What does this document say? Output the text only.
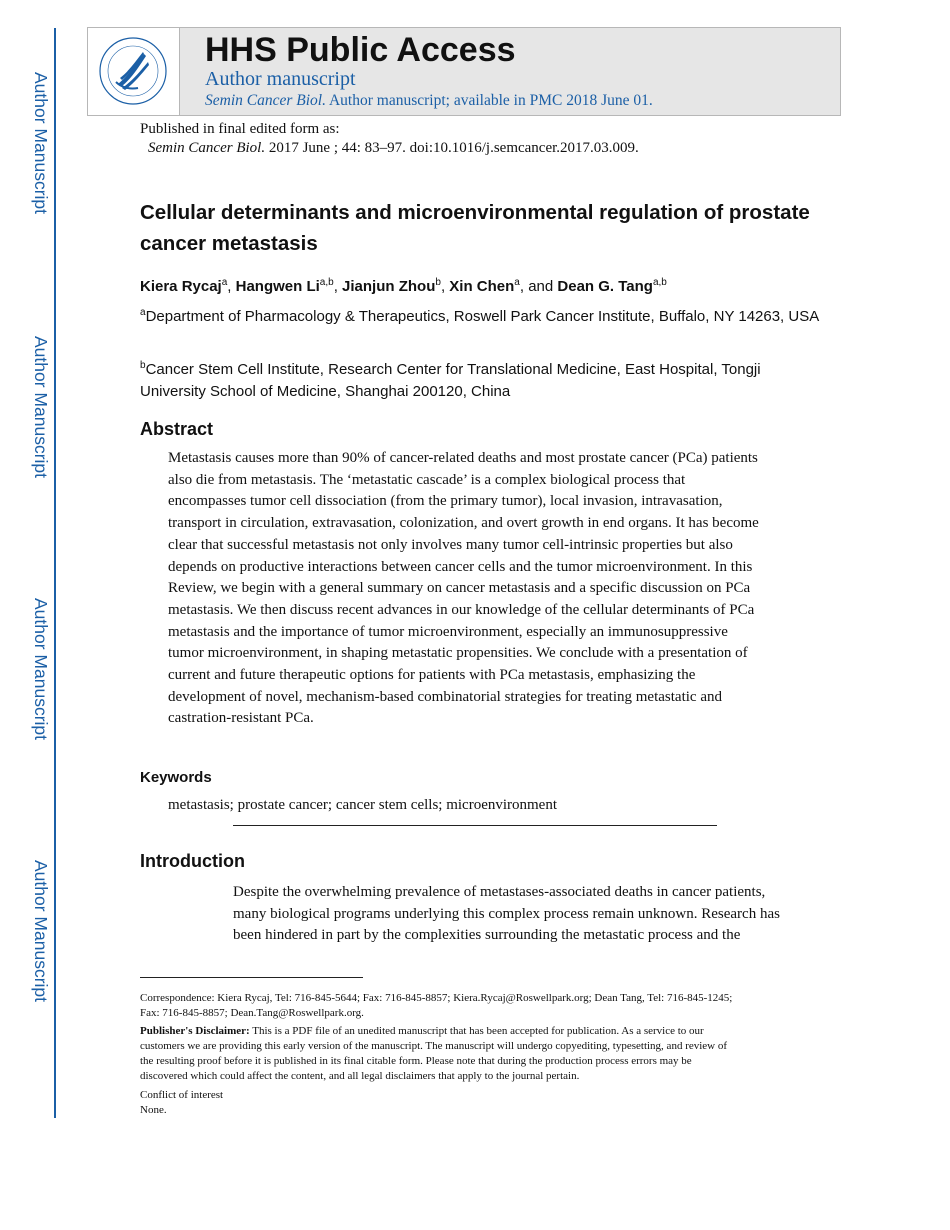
Author Manuscript
Author Manuscript
Author Manuscript
Author Manuscript
HHS Public Access
Author manuscript
Semin Cancer Biol. Author manuscript; available in PMC 2018 June 01.
Published in final edited form as:
Semin Cancer Biol. 2017 June ; 44: 83–97. doi:10.1016/j.semcancer.2017.03.009.
Cellular determinants and microenvironmental regulation of prostate cancer metastasis
Kiera Rycaj$^a$, Hangwen Li$^{a,b}$, Jianjun Zhou$^b$, Xin Chen$^a$, and Dean G. Tang$^{a,b}$
$^a$Department of Pharmacology & Therapeutics, Roswell Park Cancer Institute, Buffalo, NY 14263, USA
$^b$Cancer Stem Cell Institute, Research Center for Translational Medicine, East Hospital, Tongji University School of Medicine, Shanghai 200120, China
Abstract
Metastasis causes more than 90% of cancer-related deaths and most prostate cancer (PCa) patients
also die from metastasis. The ‘metastatic cascade’ is a complex biological process that
encompasses tumor cell dissociation (from the primary tumor), local invasion, intravasation,
transport in circulation, extravasation, colonization, and overt growth in end organs. It has become
clear that successful metastasis not only involves many tumor cell-intrinsic properties but also
depends on productive interactions between cancer cells and the tumor microenvironment. In this
Review, we begin with a general summary on cancer metastasis and a specific discussion on PCa
metastasis. We then discuss recent advances in our knowledge of the cellular determinants of PCa
metastasis and the importance of tumor microenvironment, especially an immunosuppressive
tumor microenvironment, in shaping metastatic propensities. We conclude with a presentation of
current and future therapeutic options for patients with PCa metastasis, emphasizing the
development of novel, mechanism-based combinatorial strategies for treating metastatic and
castration-resistant PCa.
Keywords
metastasis; prostate cancer; cancer stem cells; microenvironment
Introduction
Despite the overwhelming prevalence of metastases-associated deaths in cancer patients,
many biological programs underlying this complex process remain unknown. Research has
been hindered in part by the complexities surrounding the metastatic process and the
Correspondence: Kiera Rycaj, Tel: 716-845-5644; Fax: 716-845-8857; Kiera.Rycaj@Roswellpark.org; Dean Tang, Tel: 716-845-1245;
Fax: 716-845-8857; Dean.Tang@Roswellpark.org.
Publisher's Disclaimer: This is a PDF file of an unedited manuscript that has been accepted for publication. As a service to our
customers we are providing this early version of the manuscript. The manuscript will undergo copyediting, typesetting, and review of
the resulting proof before it is published in its final citable form. Please note that during the production process errors may be
discovered which could affect the content, and all legal disclaimers that apply to the journal pertain.
Conflict of interest
None.
